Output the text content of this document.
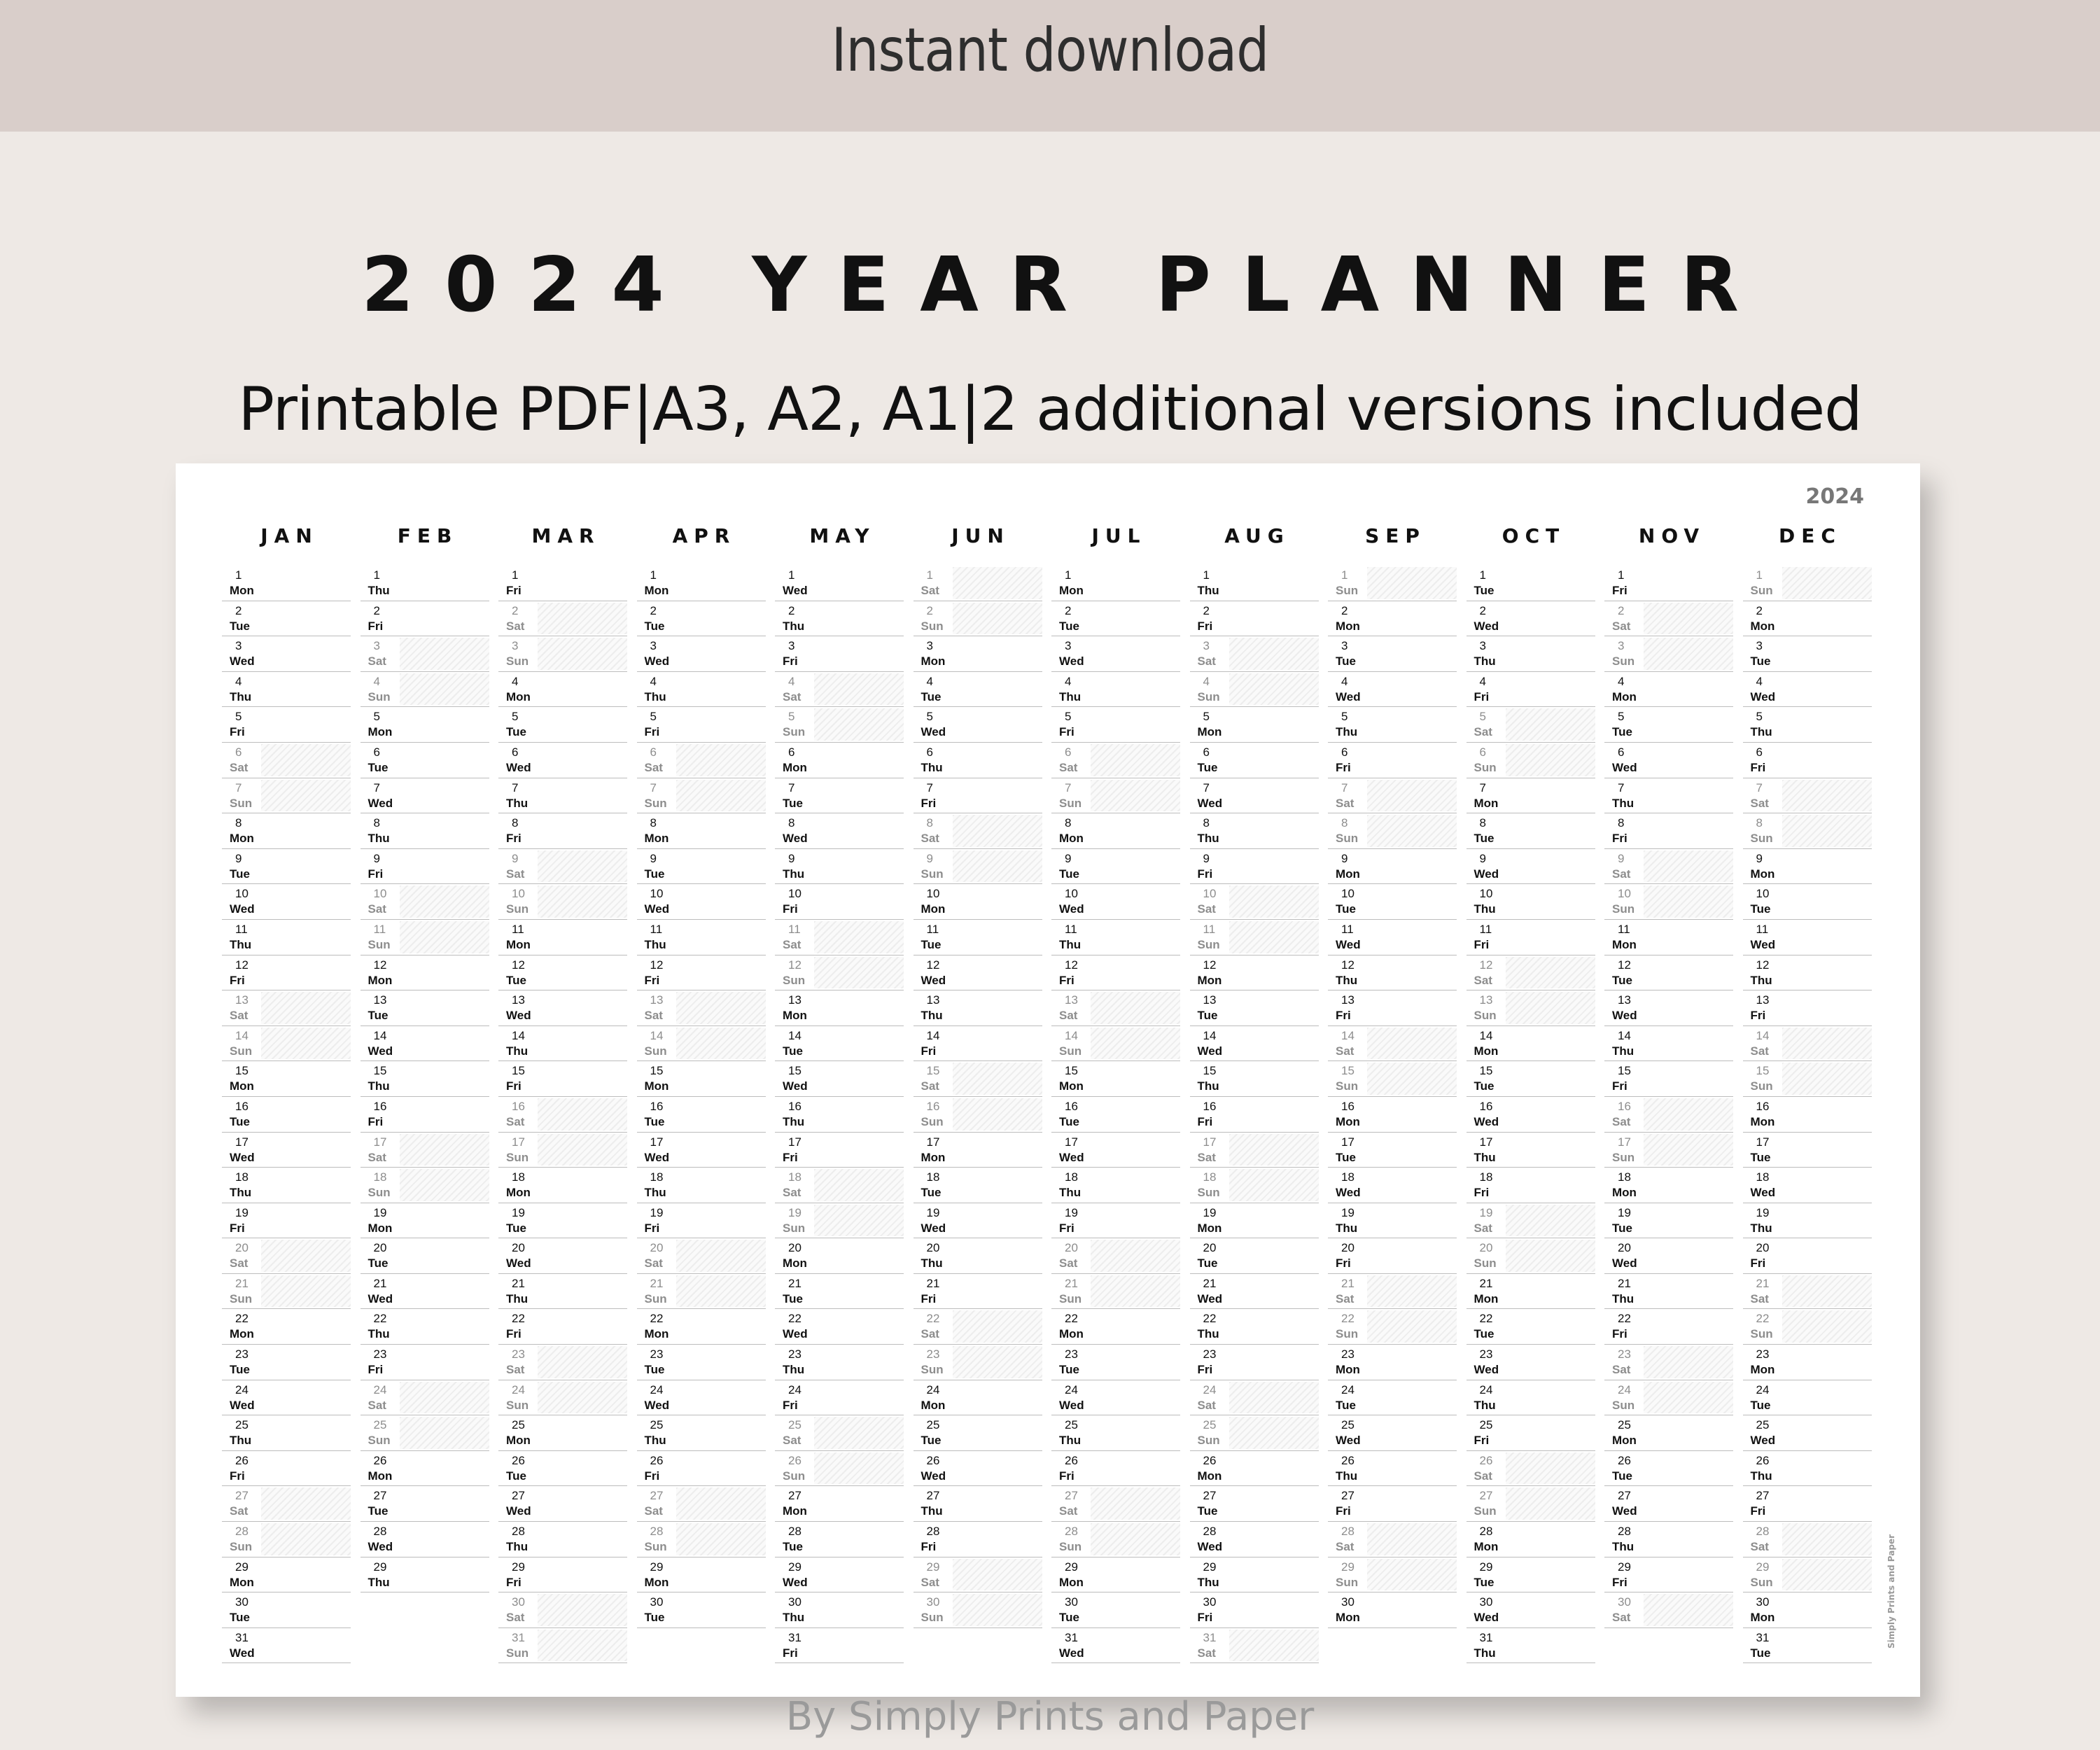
Instant download
2024 YEAR PLANNER
Printable PDF|A3, A2, A1|2 additional versions included
2024
Simply Prints and Paper
JAN
1
Mon
2
Tue
3
Wed
4
Thu
5
Fri
6
Sat
7
Sun
8
Mon
9
Tue
10
Wed
11
Thu
12
Fri
13
Sat
14
Sun
15
Mon
16
Tue
17
Wed
18
Thu
19
Fri
20
Sat
21
Sun
22
Mon
23
Tue
24
Wed
25
Thu
26
Fri
27
Sat
28
Sun
29
Mon
30
Tue
31
Wed
FEB
1
Thu
2
Fri
3
Sat
4
Sun
5
Mon
6
Tue
7
Wed
8
Thu
9
Fri
10
Sat
11
Sun
12
Mon
13
Tue
14
Wed
15
Thu
16
Fri
17
Sat
18
Sun
19
Mon
20
Tue
21
Wed
22
Thu
23
Fri
24
Sat
25
Sun
26
Mon
27
Tue
28
Wed
29
Thu
MAR
1
Fri
2
Sat
3
Sun
4
Mon
5
Tue
6
Wed
7
Thu
8
Fri
9
Sat
10
Sun
11
Mon
12
Tue
13
Wed
14
Thu
15
Fri
16
Sat
17
Sun
18
Mon
19
Tue
20
Wed
21
Thu
22
Fri
23
Sat
24
Sun
25
Mon
26
Tue
27
Wed
28
Thu
29
Fri
30
Sat
31
Sun
APR
1
Mon
2
Tue
3
Wed
4
Thu
5
Fri
6
Sat
7
Sun
8
Mon
9
Tue
10
Wed
11
Thu
12
Fri
13
Sat
14
Sun
15
Mon
16
Tue
17
Wed
18
Thu
19
Fri
20
Sat
21
Sun
22
Mon
23
Tue
24
Wed
25
Thu
26
Fri
27
Sat
28
Sun
29
Mon
30
Tue
MAY
1
Wed
2
Thu
3
Fri
4
Sat
5
Sun
6
Mon
7
Tue
8
Wed
9
Thu
10
Fri
11
Sat
12
Sun
13
Mon
14
Tue
15
Wed
16
Thu
17
Fri
18
Sat
19
Sun
20
Mon
21
Tue
22
Wed
23
Thu
24
Fri
25
Sat
26
Sun
27
Mon
28
Tue
29
Wed
30
Thu
31
Fri
JUN
1
Sat
2
Sun
3
Mon
4
Tue
5
Wed
6
Thu
7
Fri
8
Sat
9
Sun
10
Mon
11
Tue
12
Wed
13
Thu
14
Fri
15
Sat
16
Sun
17
Mon
18
Tue
19
Wed
20
Thu
21
Fri
22
Sat
23
Sun
24
Mon
25
Tue
26
Wed
27
Thu
28
Fri
29
Sat
30
Sun
JUL
1
Mon
2
Tue
3
Wed
4
Thu
5
Fri
6
Sat
7
Sun
8
Mon
9
Tue
10
Wed
11
Thu
12
Fri
13
Sat
14
Sun
15
Mon
16
Tue
17
Wed
18
Thu
19
Fri
20
Sat
21
Sun
22
Mon
23
Tue
24
Wed
25
Thu
26
Fri
27
Sat
28
Sun
29
Mon
30
Tue
31
Wed
AUG
1
Thu
2
Fri
3
Sat
4
Sun
5
Mon
6
Tue
7
Wed
8
Thu
9
Fri
10
Sat
11
Sun
12
Mon
13
Tue
14
Wed
15
Thu
16
Fri
17
Sat
18
Sun
19
Mon
20
Tue
21
Wed
22
Thu
23
Fri
24
Sat
25
Sun
26
Mon
27
Tue
28
Wed
29
Thu
30
Fri
31
Sat
SEP
1
Sun
2
Mon
3
Tue
4
Wed
5
Thu
6
Fri
7
Sat
8
Sun
9
Mon
10
Tue
11
Wed
12
Thu
13
Fri
14
Sat
15
Sun
16
Mon
17
Tue
18
Wed
19
Thu
20
Fri
21
Sat
22
Sun
23
Mon
24
Tue
25
Wed
26
Thu
27
Fri
28
Sat
29
Sun
30
Mon
OCT
1
Tue
2
Wed
3
Thu
4
Fri
5
Sat
6
Sun
7
Mon
8
Tue
9
Wed
10
Thu
11
Fri
12
Sat
13
Sun
14
Mon
15
Tue
16
Wed
17
Thu
18
Fri
19
Sat
20
Sun
21
Mon
22
Tue
23
Wed
24
Thu
25
Fri
26
Sat
27
Sun
28
Mon
29
Tue
30
Wed
31
Thu
NOV
1
Fri
2
Sat
3
Sun
4
Mon
5
Tue
6
Wed
7
Thu
8
Fri
9
Sat
10
Sun
11
Mon
12
Tue
13
Wed
14
Thu
15
Fri
16
Sat
17
Sun
18
Mon
19
Tue
20
Wed
21
Thu
22
Fri
23
Sat
24
Sun
25
Mon
26
Tue
27
Wed
28
Thu
29
Fri
30
Sat
DEC
1
Sun
2
Mon
3
Tue
4
Wed
5
Thu
6
Fri
7
Sat
8
Sun
9
Mon
10
Tue
11
Wed
12
Thu
13
Fri
14
Sat
15
Sun
16
Mon
17
Tue
18
Wed
19
Thu
20
Fri
21
Sat
22
Sun
23
Mon
24
Tue
25
Wed
26
Thu
27
Fri
28
Sat
29
Sun
30
Mon
31
Tue
By Simply Prints and Paper
